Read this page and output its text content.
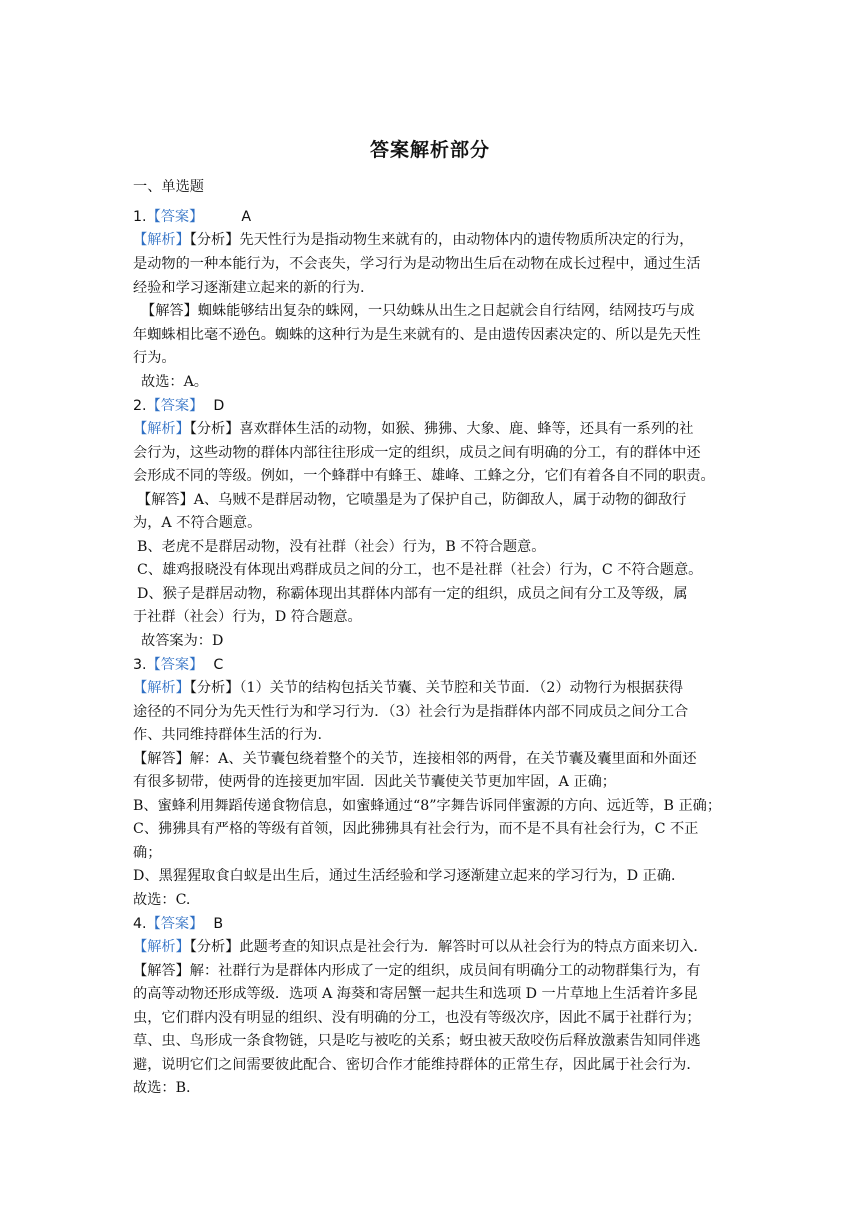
答案解析部分
一、单选题
1.【答案】	A
【解析】【分析】先天性行为是指动物生来就有的，由动物体内的遗传物质所决定的行为，
是动物的一种本能行为，不会丧失，学习行为是动物出生后在动物在成长过程中，通过生活
经验和学习逐渐建立起来的新的行为.
【解答】蜘蛛能够结出复杂的蛛网，一只幼蛛从出生之日起就会自行结网，结网技巧与成
年蜘蛛相比毫不逊色。蜘蛛的这种行为是生来就有的、是由遗传因素决定的、所以是先天性
行为。
故选：A。
2.【答案】 D
【解析】【分析】喜欢群体生活的动物，如猴、狒狒、大象、鹿、蜂等，还具有一系列的社
会行为，这些动物的群体内部往往形成一定的组织，成员之间有明确的分工，有的群体中还
会形成不同的等级。例如，一个蜂群中有蜂王、雄峰、工蜂之分，它们有着各自不同的职责。
【解答】A、乌贼不是群居动物，它喷墨是为了保护自己，防御敌人，属于动物的御敌行
为，A 不符合题意。
B、老虎不是群居动物，没有社群（社会）行为，B 不符合题意。
C、雄鸡报晓没有体现出鸡群成员之间的分工，也不是社群（社会）行为，C 不符合题意。
D、猴子是群居动物，称霸体现出其群体内部有一定的组织，成员之间有分工及等级，属
于社群（社会）行为，D 符合题意。
故答案为：D
3.【答案】 C
【解析】【分析】（1）关节的结构包括关节囊、关节腔和关节面．（2）动物行为根据获得
途径的不同分为先天性行为和学习行为．（3）社会行为是指群体内部不同成员之间分工合
作、共同维持群体生活的行为.
【解答】解：A、关节囊包绕着整个的关节，连接相邻的两骨，在关节囊及囊里面和外面还
有很多韧带，使两骨的连接更加牢固．因此关节囊使关节更加牢固，A 正确；
B、蜜蜂利用舞蹈传递食物信息，如蜜蜂通过“8”字舞告诉同伴蜜源的方向、远近等，B 正确；
C、狒狒具有严格的等级有首领，因此狒狒具有社会行为，而不是不具有社会行为，C 不正
确；
D、黑猩猩取食白蚁是出生后，通过生活经验和学习逐渐建立起来的学习行为，D 正确．
故选：C.
4.【答案】 B
【解析】【分析】此题考查的知识点是社会行为．解答时可以从社会行为的特点方面来切入．
【解答】解：社群行为是群体内形成了一定的组织，成员间有明确分工的动物群集行为，有
的高等动物还形成等级．选项 A 海葵和寄居蟹一起共生和选项 D 一片草地上生活着许多昆
虫，它们群内没有明显的组织、没有明确的分工，也没有等级次序，因此不属于社群行为；
草、虫、鸟形成一条食物链，只是吃与被吃的关系；蚜虫被天敌咬伤后释放激素告知同伴逃
避，说明它们之间需要彼此配合、密切合作才能维持群体的正常生存，因此属于社会行为．
故选：B.
